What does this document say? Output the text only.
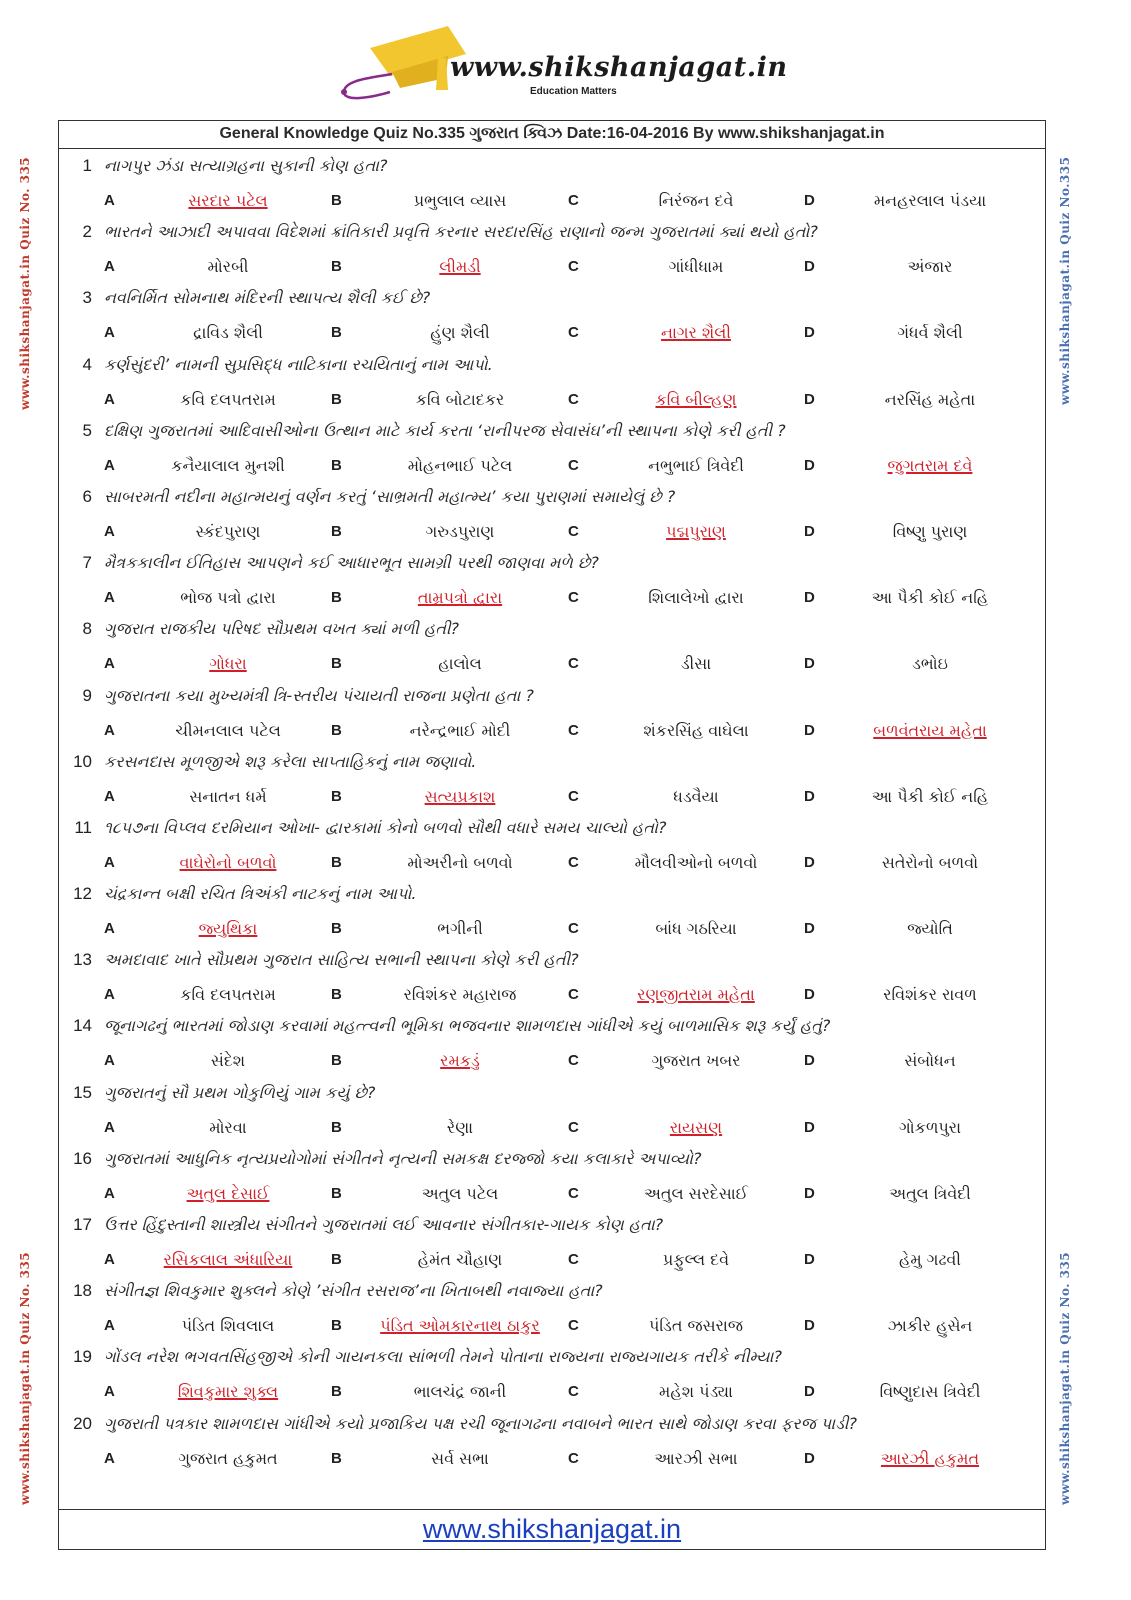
www.shikshanjagat.in
Education Matters
www.shikshanjagat.in Quiz No. 335
www.shikshanjagat.in Quiz No. 335
www.shikshanjagat.in Quiz No.335
www.shikshanjagat.in Quiz No. 335
General Knowledge Quiz No.335 ગુજરાત ક્વિઝ Date:16-04-2016 By www.shikshanjagat.in
www.shikshanjagat.in
1 નાગપુર ઝંડા સત્યાગ્રહના સુકાની કોણ હતા?
A	સરદાર પટેલ	B	પ્રભુલાલ વ્યાસ	C	નિરંજન દવે	D	મનહરલાલ પંડયા
2 ભારતને આઝાદી અપાવવા વિદેશમાં ક્રાંતિકારી પ્રવૃત્તિ કરનાર સરદારસિંહ રાણાનો જન્મ ગુજરાતમાં ક્યાં થયો હતો?
A	મોરબી	B	લીમડી	C	ગાંધીધામ	D	અંજાર
3 નવનિર્મિત સોમનાથ મંદિરની સ્થાપત્ય શૈલી કઈ છે?
A	દ્રાવિડ શૈલી	B	હુંણ શૈલી	C	નાગર શૈલી	D	ગંધર્વ શૈલી
4 કર્ણસુંદરી’ નામની સુપ્રસિદ્ધ નાટિકાના રચયિતાનું નામ આપો.
A	કવિ દલપતરામ	B	કવિ બોટાદકર	C	કવિ બીલ્હણ	D	નરસિંહ મહેતા
5 દક્ષિણ ગુજરાતમાં આદિવાસીઓના ઉત્થાન માટે કાર્ય કરતા ‘રાનીપરજ સેવાસંઘ’ની સ્થાપના કોણે કરી હતી ?
A	કનૈયાલાલ મુનશી	B	મોહનભાઈ પટેલ	C	નભુભાઈ ત્રિવેદી	D	જુગતરામ દવે
6 સાબરમતી નદીના મહાત્મયનું વર્ણન કરતું ‘સાભ્રમતી મહાત્મ્ય’ કયા પુરાણમાં સમાયેલું છે ?
A	સ્કંદપુરાણ	B	ગરુડપુરાણ	C	પદ્મપુરાણ	D	વિષ્ણુ પુરાણ
7 મૈત્રકકાલીન ઈતિહાસ આપણને કઈ આધારભૂત સામગ્રી પરથી જાણવા મળે છે?
A	ભોજ પત્રો દ્વારા	B	તામ્રપત્રો દ્વારા	C	શિલાલેખો દ્વારા	D	આ પૈકી કોઈ નહિ
8 ગુજરાત રાજકીય પરિષદ સૌપ્રથમ વખત ક્યાં મળી હતી?
A	ગોધરા	B	હાલોલ	C	ડીસા	D	ડભોઇ
9 ગુજરાતના કયા મુખ્યમંત્રી ત્રિ-સ્તરીય પંચાયતી રાજના પ્રણેતા હતા ?
A	ચીમનલાલ પટેલ	B	નરેન્દ્રભાઈ મોદી	C	શંકરસિંહ વાઘેલા	D	બળવંતરાય મહેતા
10 કરસનદાસ મૂળજીએ શરૂ કરેલા સાપ્તાહિકનું નામ જણાવો.
A	સનાતન ધર્મ	B	સત્યપ્રકાશ	C	ધડવૈયા	D	આ પૈકી કોઈ નહિ
11 ૧૮૫૭ના વિપ્લવ દરમિયાન ઓખા- દ્વારકામાં કોનો બળવો સૌથી વધારે સમય ચાલ્યો હતો?
A	વાઘેરોનો બળવો	B	મોઅરીનો બળવો	C	મૌલવીઓનો બળવો	D	સતેરોનો બળવો
12 ચંદ્રકાન્ત બક્ષી રચિત ત્રિઅંકી નાટકનું નામ આપો.
A	જ્યુથિકા	B	ભગીની	C	બાંધ ગઠરિયા	D	જ્યોતિ
13 અમદાવાદ ખાતે સૌપ્રથમ ગુજરાત સાહિત્ય સભાની સ્થાપના કોણે કરી હતી?
A	કવિ દલપતરામ	B	રવિશંકર મહારાજ	C	રણજીતરામ મહેતા	D	રવિશંકર રાવળ
14 જૂનાગઢનું ભારતમાં જોડાણ કરવામાં મહત્ત્વની ભૂમિકા ભજવનાર શામળદાસ ગાંધીએ કયું બાળમાસિક શરૂ કર્યું હતું?
A	સંદેશ	B	રમકડું	C	ગુજરાત ખબર	D	સંબોધન
15 ગુજરાતનું સૌ પ્રથમ ગોકુળિયું ગામ કયું છે?
A	મોરવા	B	રેણા	C	રાયસણ	D	ગોકળપુરા
16 ગુજરાતમાં આધુનિક નૃત્યપ્રયોગોમાં સંગીતને નૃત્યની સમકક્ષ દરજ્જો કયા કલાકારે અપાવ્યો?
A	અતુલ દેસાઈ	B	અતુલ પટેલ	C	અતુલ સરદેસાઈ	D	અતુલ ત્રિવેદી
17 ઉત્તર હિંદુસ્તાની શાસ્ત્રીય સંગીતને ગુજરાતમાં લઈ આવનાર સંગીતકાર-ગાયક કોણ હતા?
A	રસિકલાલ અંધારિયા	B	હેમંત ચૌહાણ	C	પ્રફુલ્લ દવે	D	હેમુ ગઢવી
18 સંગીતજ્ઞ શિવકુમાર શુક્લને કોણે ’સંગીત રસરાજ’ના ખિતાબથી નવાજ્યા હતા?
A	પંડિત શિવલાલ	B	પંડિત ઓમકારનાથ ઠાકુર	C	પંડિત જસરાજ	D	ઝાકીર હુસેન
19 ગોંડલ નરેશ ભગવતસિંહજીએ કોની ગાયનકલા સાંભળી તેમને પોતાના રાજ્યના રાજ્યગાયક તરીકે નીમ્યા?
A	શિવકુમાર શુક્લ	B	ભાલચંદ્ર જાની	C	મહેશ પંડ્યા	D	વિષ્ણુદાસ ત્રિવેદી
20 ગુજરાતી પત્રકાર શામળદાસ ગાંધીએ કયો પ્રજાકિય પક્ષ રચી જૂનાગઢના નવાબને ભારત સાથે જોડાણ કરવા ફરજ પાડી?
A	ગુજરાત હકુમત	B	સર્વ સભા	C	આરઝી સભા	D	આરઝી હકુમત
